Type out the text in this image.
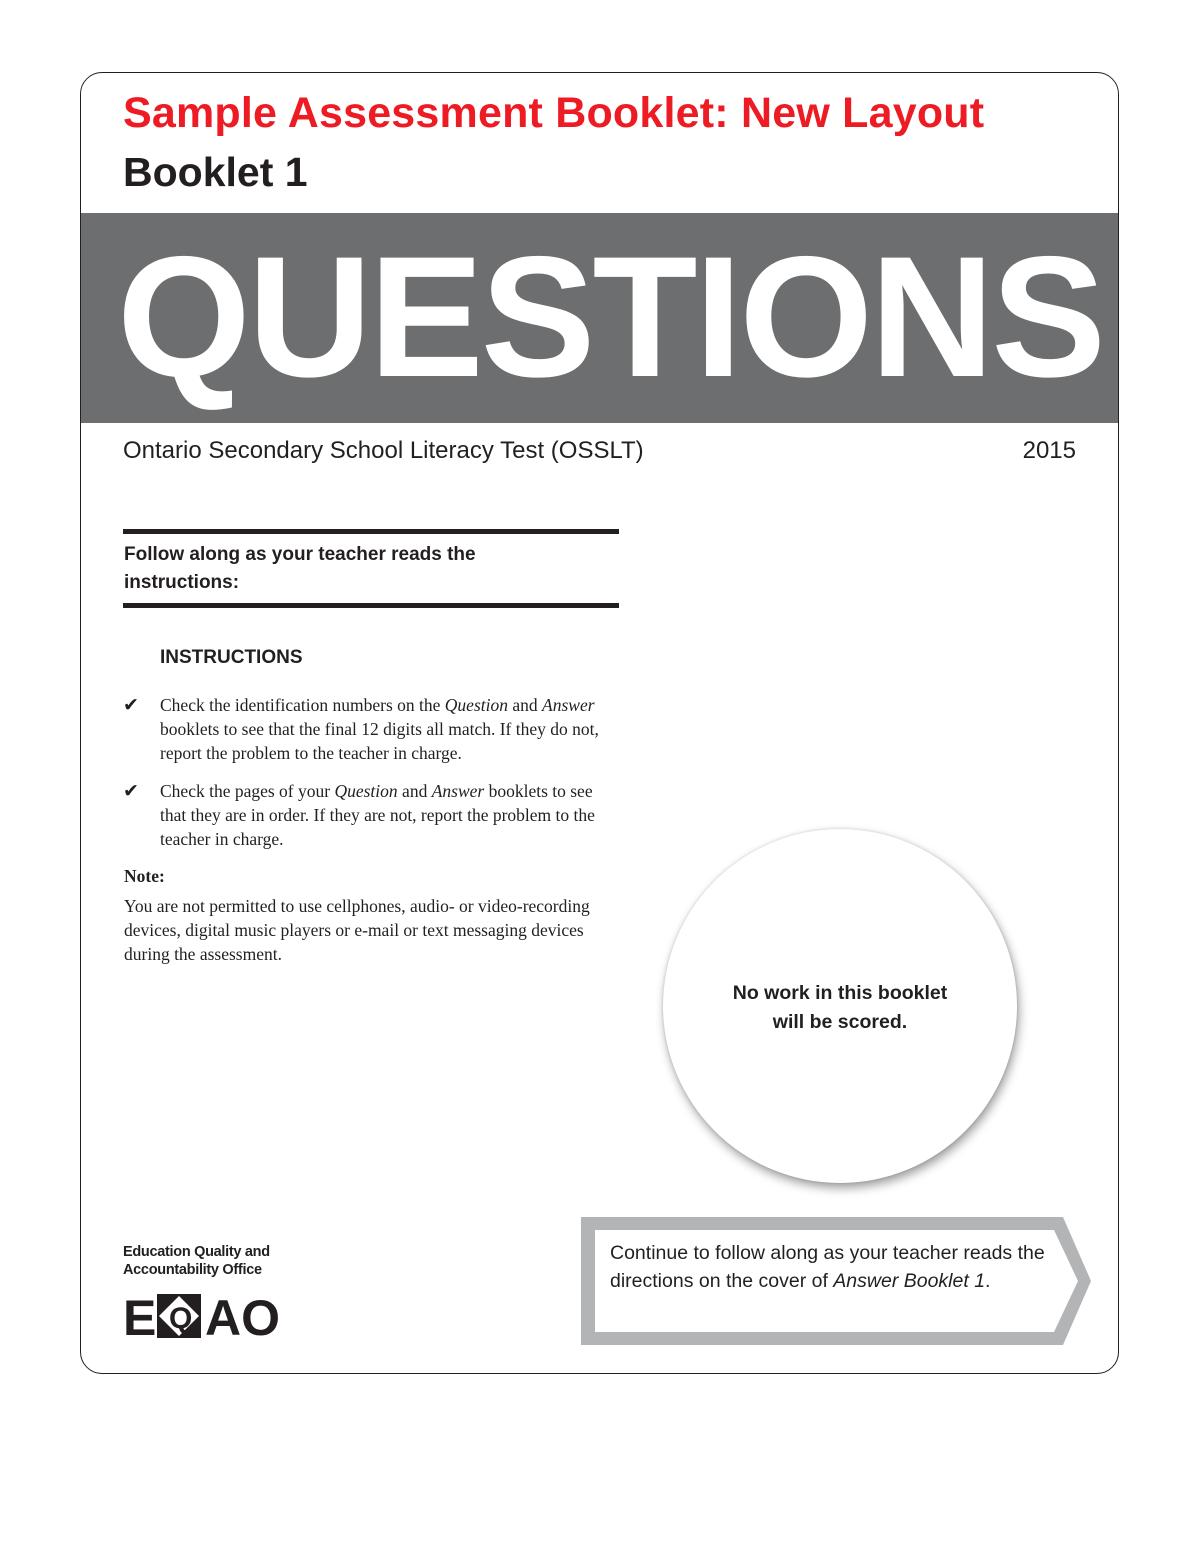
Sample Assessment Booklet: New Layout
Booklet 1
QUESTIONS
Ontario Secondary School Literacy Test (OSSLT)	2015
Follow along as your teacher reads the instructions:
INSTRUCTIONS
✔ Check the identification numbers on the Question and Answer booklets to see that the final 12 digits all match. If they do not, report the problem to the teacher in charge.
✔ Check the pages of your Question and Answer booklets to see that they are in order. If they are not, report the problem to the teacher in charge.
Note:
You are not permitted to use cellphones, audio- or video-recording devices, digital music players or e-mail or text messaging devices during the assessment.
No work in this booklet
will be scored.
Education Quality and
Accountability Office
E Q AO
Continue to follow along as your teacher reads the directions on the cover of Answer Booklet 1.
